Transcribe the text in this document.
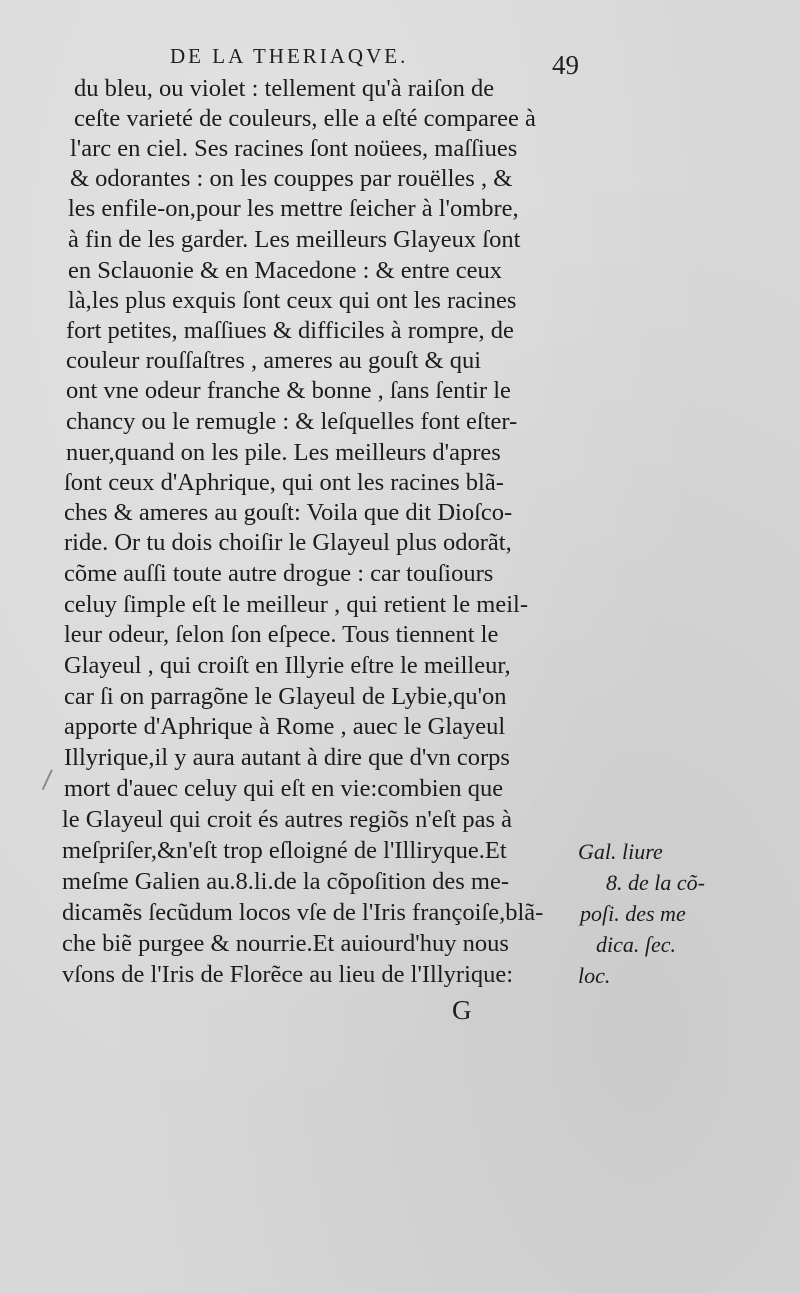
DE LA THERIAQVE.	49
du bleu, ou violet : tellement qu'à raiſon de
ceſte varieté de couleurs, elle a eſté comparee à
l'arc en ciel. Ses racines ſont noüees, maſſiues
& odorantes : on les couppes par rouëlles , &
les enfile-on,pour les mettre ſeicher à l'ombre,
à fin de les garder. Les meilleurs Glayeux ſont
en Sclauonie & en Macedone : & entre ceux
là,les plus exquis ſont ceux qui ont les racines
fort petites, maſſiues & difficiles à rompre, de
couleur rouſſaſtres , ameres au gouſt & qui
ont vne odeur franche & bonne , ſans ſentir le
chancy ou le remugle : & leſquelles font eſter-
nuer,quand on les pile. Les meilleurs d'apres
ſont ceux d'Aphrique, qui ont les racines blã-
ches & ameres au gouſt: Voila que dit Dioſco-
ride. Or tu dois choiſir le Glayeul plus odorãt,
cõme auſſi toute autre drogue : car touſiours
celuy ſimple eſt le meilleur , qui retient le meil-
leur odeur, ſelon ſon eſpece. Tous tiennent le
Glayeul , qui croiſt en Illyrie eſtre le meilleur,
car ſi on parragõne le Glayeul de Lybie,qu'on
apporte d'Aphrique à Rome , auec le Glayeul
Illyrique,il y aura autant à dire que d'vn corps
mort d'auec celuy qui eſt en vie:combien que
le Glayeul qui croit és autres regiõs n'eſt pas à
meſpriſer,&n'eſt trop eſloigné de l'Illiryque.Et
meſme Galien au.8.li.de la cõpoſition des me-
dicamẽs ſecũdum locos vſe de l'Iris françoiſe,blã-
che biẽ purgee & nourrie.Et auiourd'huy nous
vſons de l'Iris de Florẽce au lieu de l'Illyrique:
Gal. liure
8. de la cõ-
poſi. des me
dica. ſec.
loc.
G
